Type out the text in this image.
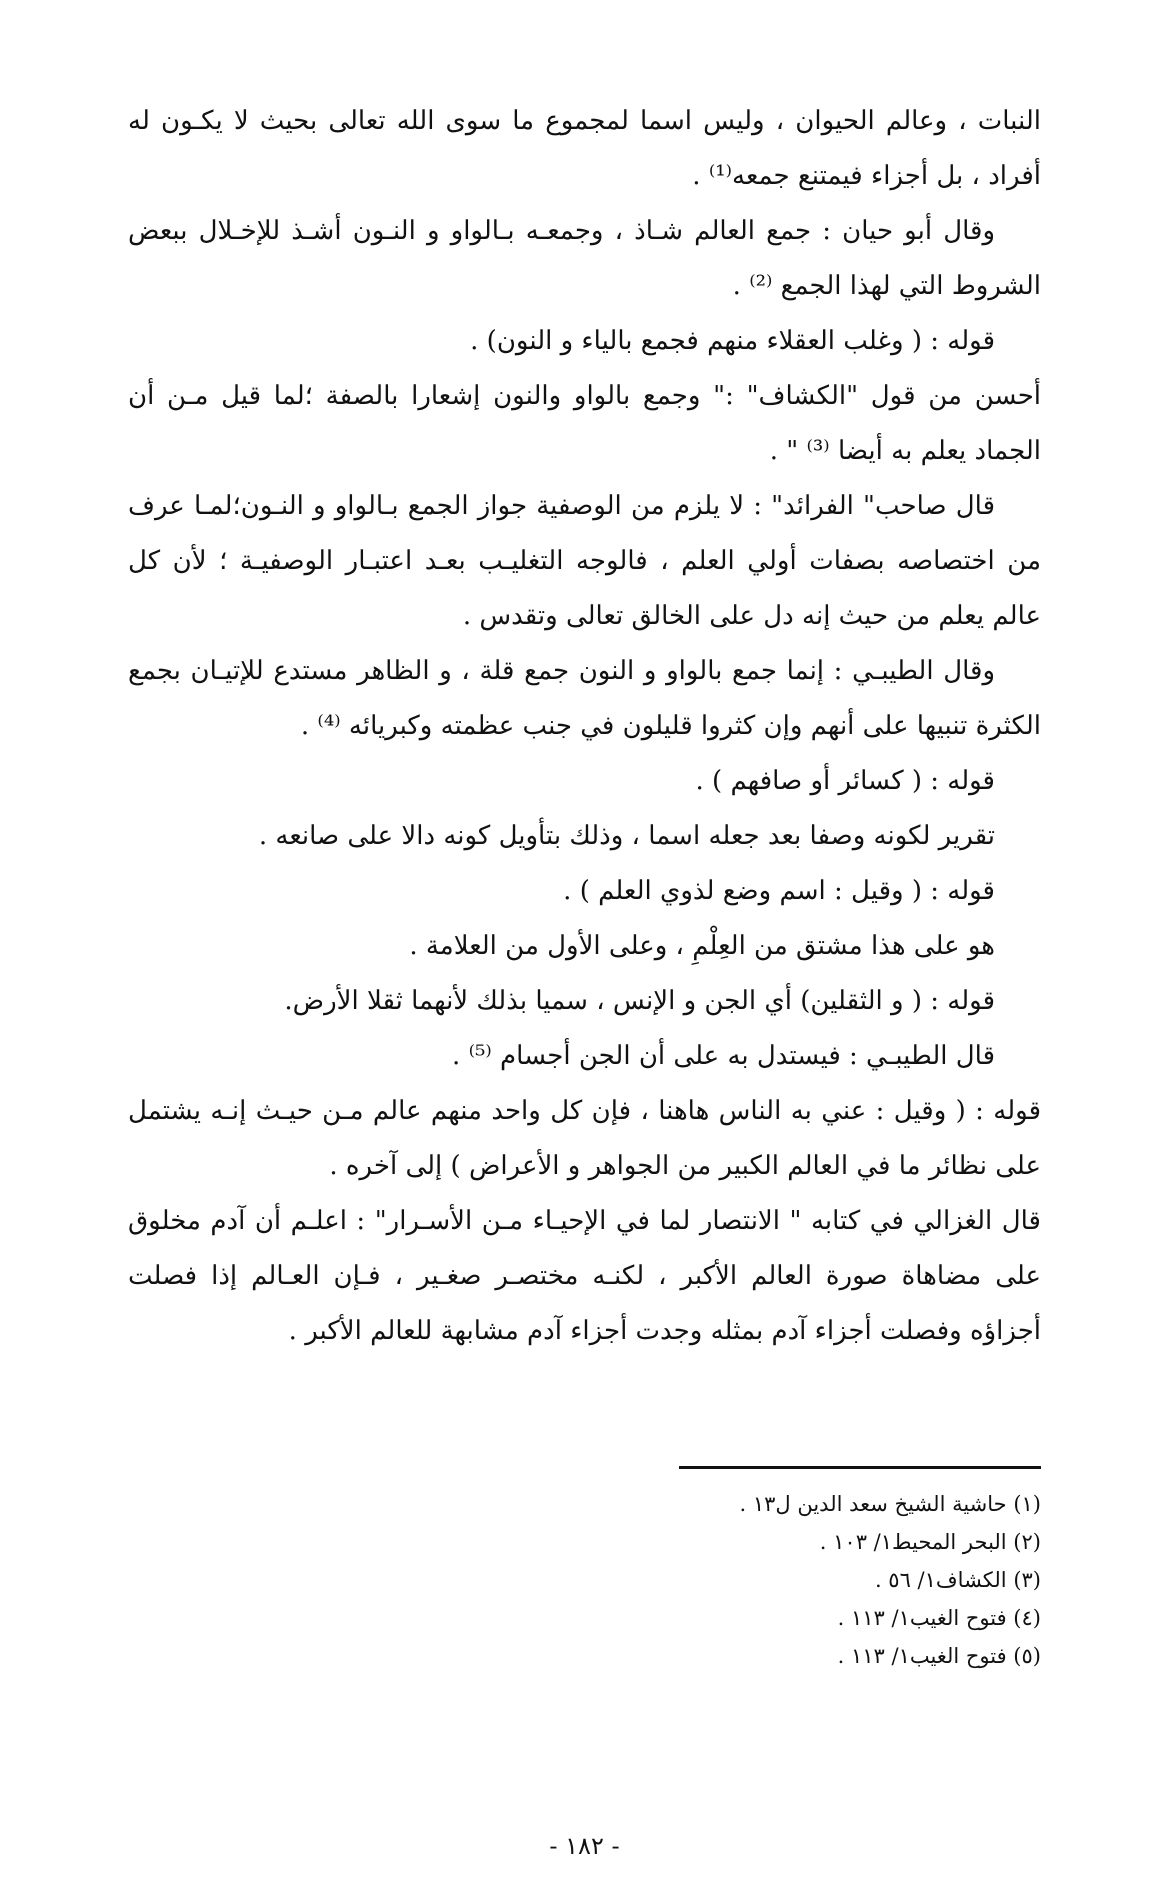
النبات ، وعالم الحيوان ، وليس اسما لمجموع ما سوى الله تعالى بحيث لا يكـون له أفراد ، بل أجزاء فيمتنع جمعه⁽¹⁾ .

وقال أبو حيان : جمع العالم شـاذ ، وجمعـه بـالواو و النـون أشـذ للإخـلال ببعض الشروط التي لهذا الجمع ⁽²⁾ .

قوله : ( وغلب العقلاء منهم فجمع بالياء و النون) .

أحسن من قول "الكشاف" :" وجمع بالواو والنون إشعارا بالصفة ؛لما قيل مـن أن الجماد يعلم به أيضا ⁽³⁾ " .

قال صاحب" الفرائد" : لا يلزم من الوصفية جواز الجمع بـالواو و النـون؛لمـا عرف من اختصاصه بصفات أولي العلم ، فالوجه التغليـب بعـد اعتبـار الوصفيـة ؛ لأن كل عالم يعلم من حيث إنه دل على الخالق تعالى وتقدس .

وقال الطيبـي : إنما جمع بالواو و النون جمع قلة ، و الظاهر مستدع للإتيـان بجمع الكثرة تنبيها على أنهم وإن كثروا قليلون في جنب عظمته وكبريائه ⁽⁴⁾ .

قوله : ( كسائر أو صافهم ) .

تقرير لكونه وصفا بعد جعله اسما ، وذلك بتأويل كونه دالا على صانعه .

قوله : ( وقيل : اسم وضع لذوي العلم ) .

هو على هذا مشتق من العِلْمِ ، وعلى الأول من العلامة .

قوله : ( و الثقلين) أي الجن و الإنس ، سميا بذلك لأنهما ثقلا الأرض.

قال الطيبـي : فيستدل به على أن الجن أجسام ⁽⁵⁾ .

قوله : ( وقيل : عني به الناس هاهنا ، فإن كل واحد منهم عالم مـن حيـث إنـه يشتمل على نظائر ما في العالم الكبير من الجواهر و الأعراض ) إلى آخره .

قال الغزالي في كتابه " الانتصار لما في الإحيـاء مـن الأسـرار" : اعلـم أن آدم مخلوق على مضاهاة صورة العالم الأكبر ، لكنـه مختصـر صغـير ، فـإن العـالم إذا فصلت أجزاؤه وفصلت أجزاء آدم بمثله وجدت أجزاء آدم مشابهة للعالم الأكبر .

(١) حاشية الشيخ سعد الدين ل١٣ .

(٢) البحر المحيط١/ ١٠٣ .

(٣) الكشاف١/ ٥٦ .

(٤) فتوح الغيب١/ ١١٣ .

(٥) فتوح الغيب١/ ١١٣ .

- ١٨٢ -
